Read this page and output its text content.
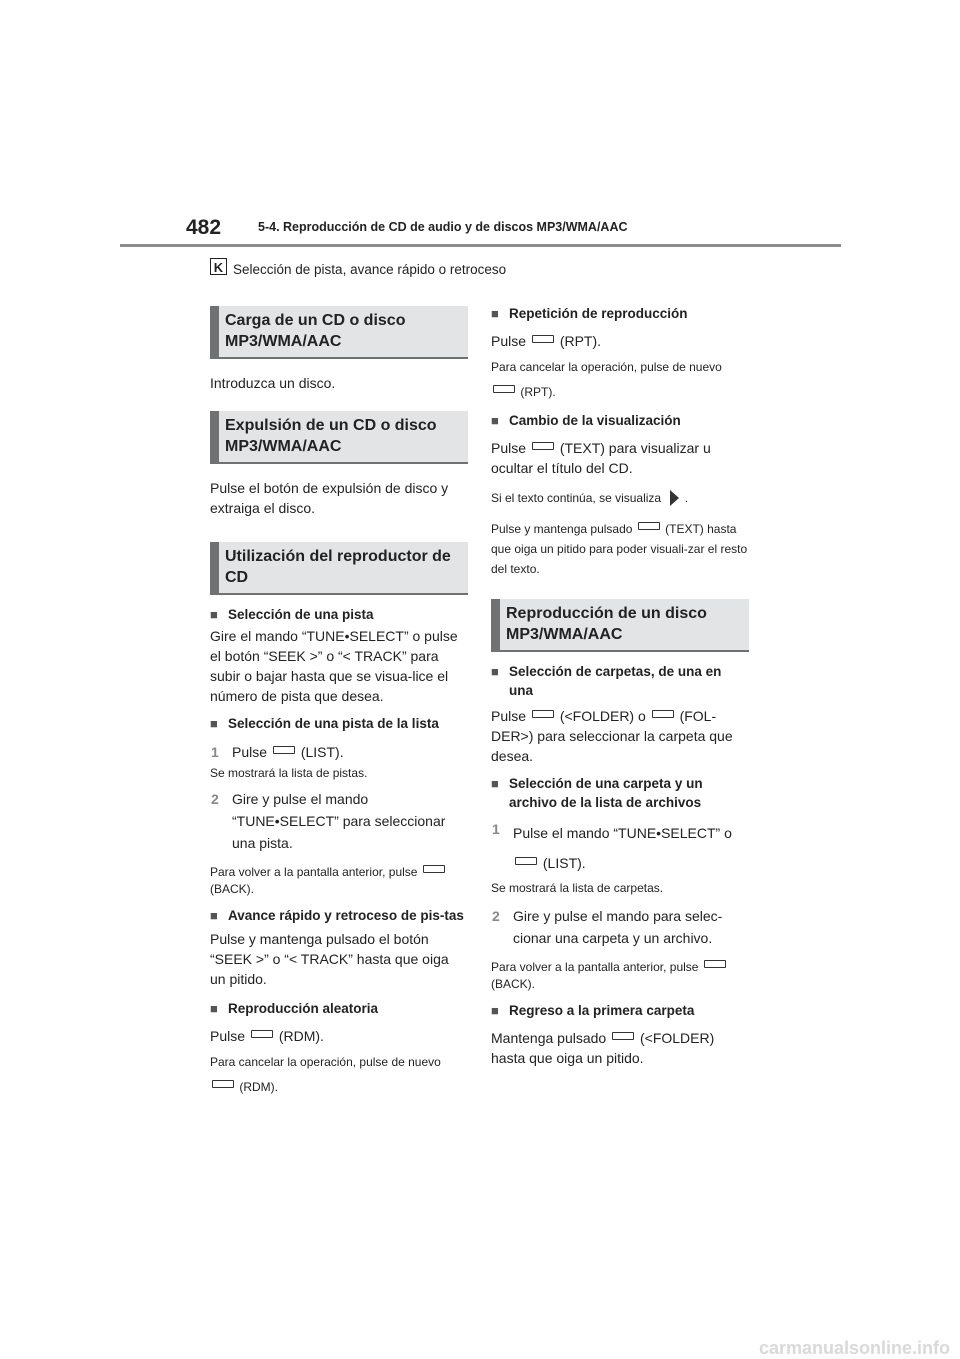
482	5-4. Reproducción de CD de audio y de discos MP3/WMA/AAC
K Selección de pista, avance rápido o retroceso
Carga de un CD o disco MP3/WMA/AAC

Introduzca un disco.

Expulsión de un CD o disco MP3/WMA/AAC

Pulse el botón de expulsión de disco y extraiga el disco.

Utilización del reproductor de CD
■ Selección de una pista

Gire el mando “TUNE•SELECT” o pulse el botón “SEEK >” o “< TRACK” para subir o bajar hasta que se visua-lice el número de pista que desea.

■ Selección de una pista de la lista
1 Pulse (LIST).

Se mostrará la lista de pistas.

2 Gire y pulse el mando “TUNE•SELECT” para seleccionar una pista.

Para volver a la pantalla anterior, pulse  (BACK).

■ Avance rápido y retroceso de pis-tas

Pulse y mantenga pulsado el botón “SEEK >” o “< TRACK” hasta que oiga un pitido.

■ Reproducción aleatoria

Pulse (RDM).

Para cancelar la operación, pulse de nuevo

(RDM).

■ Repetición de reproducción

Pulse (RPT).

Para cancelar la operación, pulse de nuevo

(RPT).

■ Cambio de la visualización

Pulse (TEXT) para visualizar u ocultar el título del CD.

Si el texto continúa, se visualiza .

Pulse y mantenga pulsado	(TEXT) hasta que oiga un pitido para poder visuali-zar el resto del texto.

Reproducción de un disco MP3/WMA/AAC
■ Selección de carpetas, de una en una

Pulse (<FOLDER) o (FOL-DER>) para seleccionar la carpeta que desea.

■ Selección de una carpeta y un archivo de la lista de archivos
1 Pulse el mando “TUNE•SELECT” o
(LIST).

Se mostrará la lista de carpetas.

2 Gire y pulse el mando para selec-cionar una carpeta y un archivo.

Para volver a la pantalla anterior, pulse  (BACK).

■ Regreso a la primera carpeta

Mantenga pulsado (<FOLDER) hasta que oiga un pitido.

carmanualsonline.info
